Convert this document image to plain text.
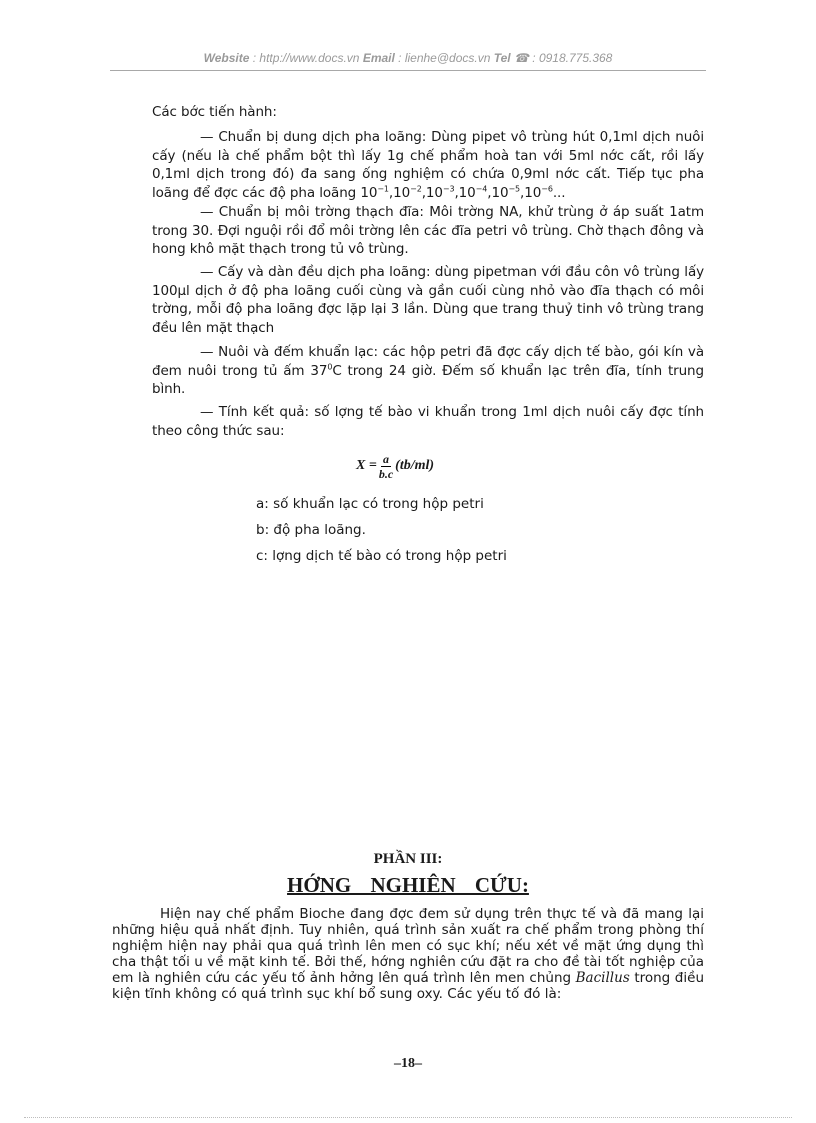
Website : http://www.docs.vn Email : lienhe@docs.vn Tel ☎ : 0918.775.368
Các bớc tiến hành:
— Chuẩn bị dung dịch pha loãng: Dùng pipet vô trùng hút 0,1ml dịch nuôi cấy (nếu là chế phẩm bột thì lấy 1g chế phẩm hoà tan với 5ml nớc cất, rồi lấy 0,1ml dịch trong đó) đa sang ống nghiệm có chứa 0,9ml nớc cất. Tiếp tục pha loãng để đợc các độ pha loãng $10^{-1},10^{-2},10^{-3},10^{-4},10^{-5},10^{-6}$...
— Chuẩn bị môi trờng thạch đĩa: Môi trờng NA, khử trùng ở áp suất 1atm trong 30. Đợi nguội rồi đổ môi trờng lên các đĩa petri vô trùng. Chờ thạch đông và hong khô mặt thạch trong tủ vô trùng.
— Cấy và dàn đều dịch pha loãng: dùng pipetman với đầu côn vô trùng lấy 100µl dịch ở độ pha loãng cuối cùng và gần cuối cùng nhỏ vào đĩa thạch có môi trờng, mỗi độ pha loãng đợc lặp lại 3 lần. Dùng que trang thuỷ tinh vô trùng trang đều lên mặt thạch
— Nuôi và đếm khuẩn lạc: các hộp petri đã đợc cấy dịch tế bào, gói kín và đem nuôi trong tủ ấm $37^0C$ trong 24 giờ. Đếm số khuẩn lạc trên đĩa, tính trung bình.
— Tính kết quả: số lợng tế bào vi khuẩn trong 1ml dịch nuôi cấy đợc tính theo công thức sau:
$X = \frac{a}{b.c} (tb/ml)$
a: số khuẩn lạc có trong hộp petri
b: độ pha loãng.
c: lợng dịch tế bào có trong hộp petri
PHẦN III:
HỚNG NGHIÊN CỨU:
Hiện nay chế phẩm Bioche đang đợc đem sử dụng trên thực tế và đã mang lại những hiệu quả nhất định. Tuy nhiên, quá trình sản xuất ra chế phẩm trong phòng thí nghiệm hiện nay phải qua quá trình lên men có sục khí; nếu xét về mặt ứng dụng thì cha thật tối u về mặt kinh tế. Bởi thế, hớng nghiên cứu đặt ra cho đề tài tốt nghiệp của em là nghiên cứu các yếu tố ảnh hởng lên quá trình lên men chủng Bacillus trong điều kiện tĩnh không có quá trình sục khí bổ sung oxy. Các yếu tố đó là:
–18–
